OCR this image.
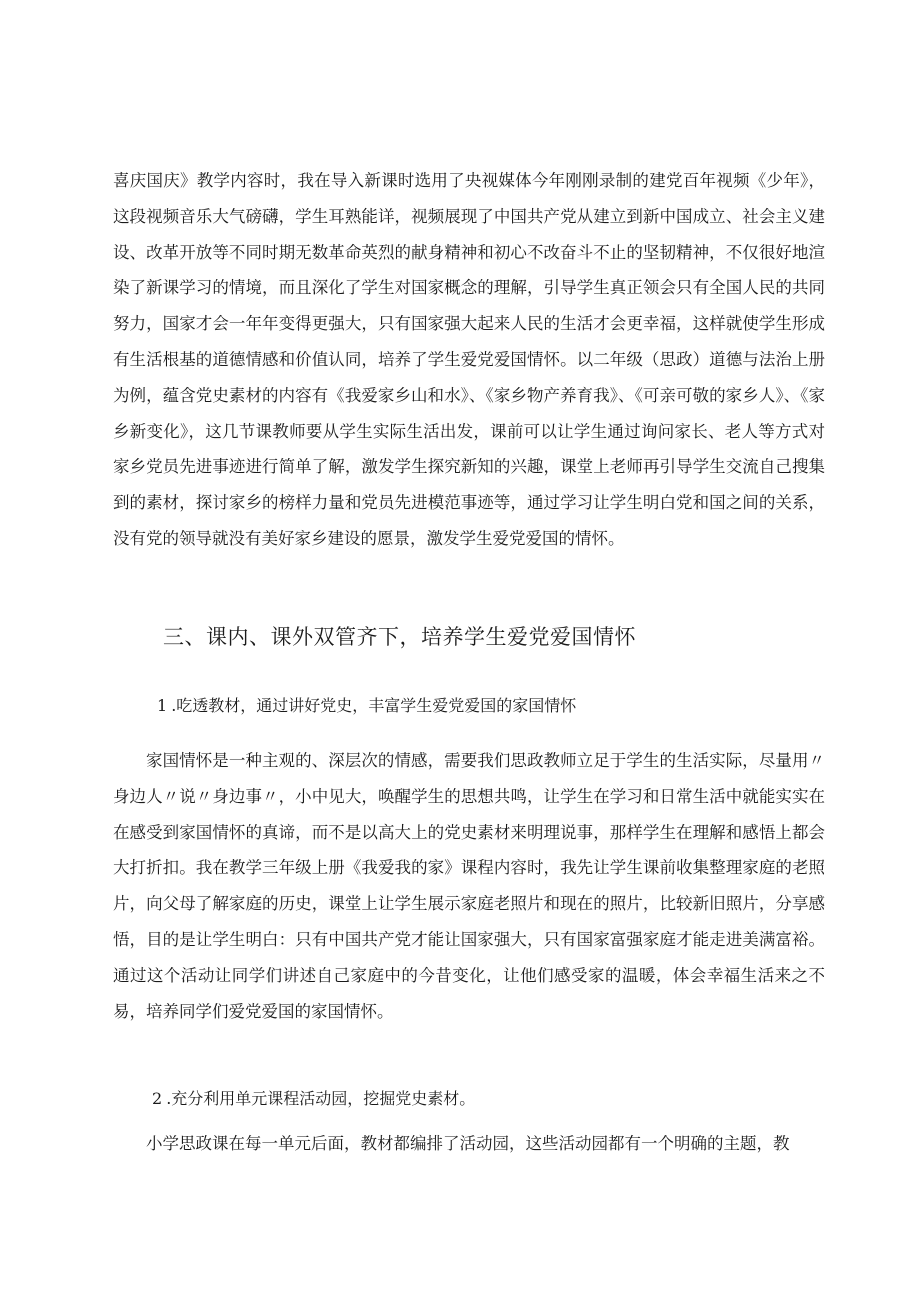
喜庆国庆》教学内容时，我在导入新课时选用了央视媒体今年刚刚录制的建党百年视频《少年》，这段视频音乐大气磅礴，学生耳熟能详，视频展现了中国共产党从建立到新中国成立、社会主义建设、改革开放等不同时期无数革命英烈的献身精神和初心不改奋斗不止的坚韧精神，不仅很好地渲染了新课学习的情境，而且深化了学生对国家概念的理解，引导学生真正领会只有全国人民的共同努力，国家才会一年年变得更强大，只有国家强大起来人民的生活才会更幸福，这样就使学生形成有生活根基的道德情感和价值认同，培养了学生爱党爱国情怀。以二年级（思政）道德与法治上册为例，蕴含党史素材的内容有《我爱家乡山和水》、《家乡物产养育我》、《可亲可敬的家乡人》、《家乡新变化》，这几节课教师要从学生实际生活出发，课前可以让学生通过询问家长、老人等方式对家乡党员先进事迹进行简单了解，激发学生探究新知的兴趣，课堂上老师再引导学生交流自己搜集到的素材，探讨家乡的榜样力量和党员先进模范事迹等，通过学习让学生明白党和国之间的关系，没有党的领导就没有美好家乡建设的愿景，激发学生爱党爱国的情怀。

三、课内、课外双管齐下，培养学生爱党爱国情怀

1 .吃透教材，通过讲好党史，丰富学生爱党爱国的家国情怀

家国情怀是一种主观的、深层次的情感，需要我们思政教师立足于学生的生活实际，尽量用〃身边人〃说〃身边事〃，小中见大，唤醒学生的思想共鸣，让学生在学习和日常生活中就能实实在在感受到家国情怀的真谛，而不是以高大上的党史素材来明理说事，那样学生在理解和感悟上都会大打折扣。我在教学三年级上册《我爱我的家》课程内容时，我先让学生课前收集整理家庭的老照片，向父母了解家庭的历史，课堂上让学生展示家庭老照片和现在的照片，比较新旧照片，分享感悟，目的是让学生明白：只有中国共产党才能让国家强大，只有国家富强家庭才能走进美满富裕。通过这个活动让同学们讲述自己家庭中的今昔变化，让他们感受家的温暖，体会幸福生活来之不易，培养同学们爱党爱国的家国情怀。

2 .充分利用单元课程活动园，挖掘党史素材。

小学思政课在每一单元后面，教材都编排了活动园，这些活动园都有一个明确的主题，教
